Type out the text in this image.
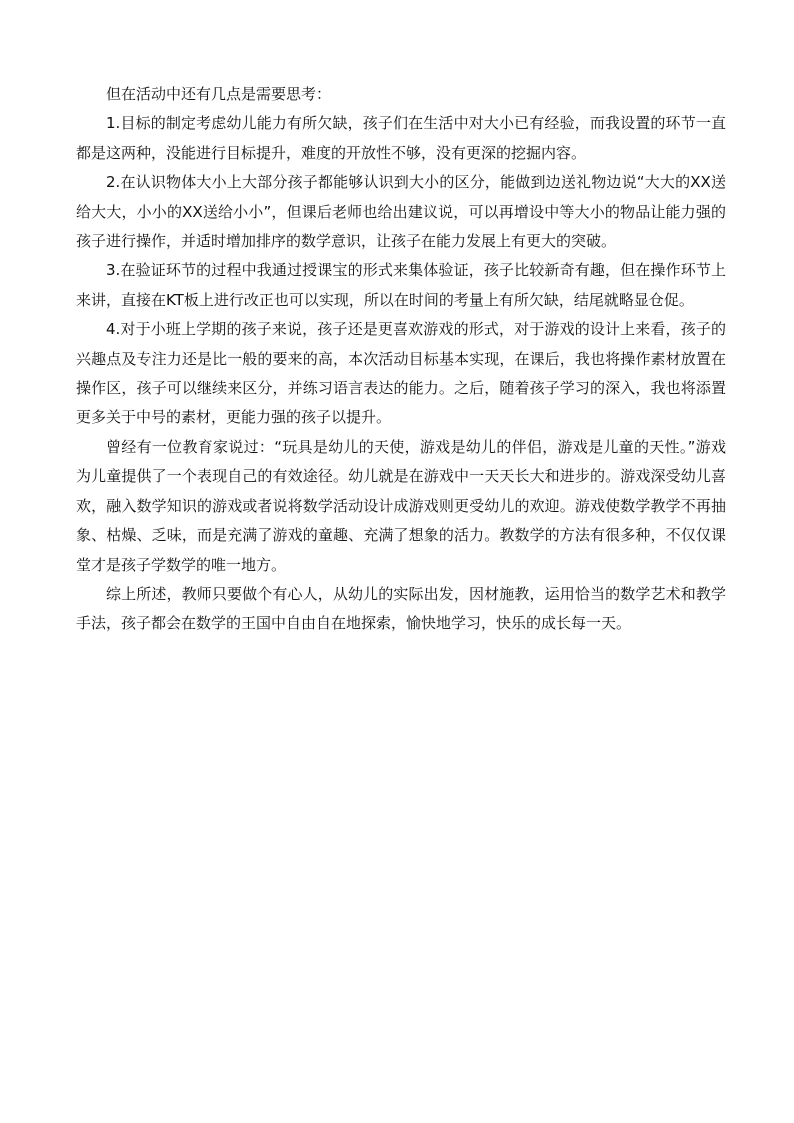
但在活动中还有几点是需要思考：

1.目标的制定考虑幼儿能力有所欠缺，孩子们在生活中对大小已有经验，而我设置的环节一直都是这两种，没能进行目标提升，难度的开放性不够，没有更深的挖掘内容。

2.在认识物体大小上大部分孩子都能够认识到大小的区分，能做到边送礼物边说“大大的XX送给大大，小小的XX送给小小”，但课后老师也给出建议说，可以再增设中等大小的物品让能力强的孩子进行操作，并适时增加排序的数学意识，让孩子在能力发展上有更大的突破。

3.在验证环节的过程中我通过授课宝的形式来集体验证，孩子比较新奇有趣，但在操作环节上来讲，直接在KT板上进行改正也可以实现，所以在时间的考量上有所欠缺，结尾就略显仓促。

4.对于小班上学期的孩子来说，孩子还是更喜欢游戏的形式，对于游戏的设计上来看，孩子的兴趣点及专注力还是比一般的要来的高，本次活动目标基本实现，在课后，我也将操作素材放置在操作区，孩子可以继续来区分，并练习语言表达的能力。之后，随着孩子学习的深入，我也将添置更多关于中号的素材，更能力强的孩子以提升。

曾经有一位教育家说过：“玩具是幼儿的天使，游戏是幼儿的伴侣，游戏是儿童的天性。”游戏为儿童提供了一个表现自己的有效途径。幼儿就是在游戏中一天天长大和进步的。游戏深受幼儿喜欢，融入数学知识的游戏或者说将数学活动设计成游戏则更受幼儿的欢迎。游戏使数学教学不再抽象、枯燥、乏味，而是充满了游戏的童趣、充满了想象的活力。教数学的方法有很多种，不仅仅课堂才是孩子学数学的唯一地方。

综上所述，教师只要做个有心人，从幼儿的实际出发，因材施教，运用恰当的数学艺术和教学手法，孩子都会在数学的王国中自由自在地探索，愉快地学习，快乐的成长每一天。
